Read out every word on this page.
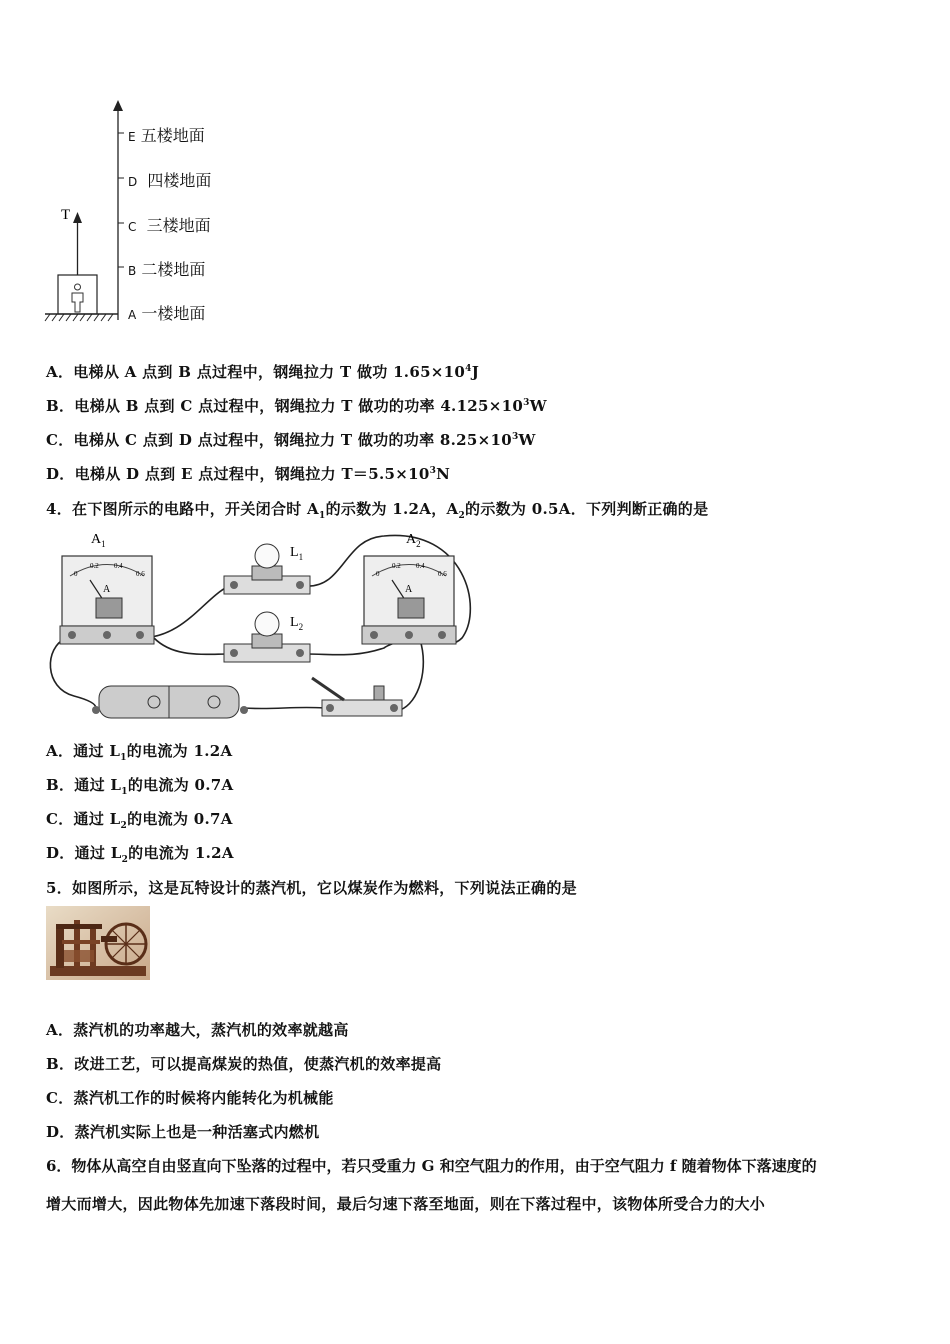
T
E 五楼地面
D 四楼地面
C 三楼地面
B 二楼地面
A 一楼地面
A．电梯从 A 点到 B 点过程中，钢绳拉力 T 做功 $1.65\times 10^4J$
B．电梯从 B 点到 C 点过程中，钢绳拉力 T 做功的功率 $4.125\times 10^3W$
C．电梯从 C 点到 D 点过程中，钢绳拉力 T 做功的功率 $8.25\times 10^3W$
D．电梯从 D 点到 E 点过程中，钢绳拉力 $T=5.5\times 10^3N$
4．在下图所示的电路中，开关闭合时 $A_1$的示数为 1.2A，$A_2$的示数为 0.5A．下列判断正确的是
$A_1$
A
0
0.2 0.4
0.6
$A_2$
A
0
0.2 0.4
0.6
$L_1$
$L_2$
A．通过 $L_1$的电流为 1.2A
B．通过 $L_1$的电流为 0.7A
C．通过 $L_2$的电流为 0.7A
D．通过 $L_2$的电流为 1.2A
5．如图所示，这是瓦特设计的蒸汽机，它以煤炭作为燃料，下列说法正确的是
A．蒸汽机的功率越大，蒸汽机的效率就越高
B．改进工艺，可以提高煤炭的热值，使蒸汽机的效率提高
C．蒸汽机工作的时候将内能转化为机械能
D．蒸汽机实际上也是一种活塞式内燃机
6．物体从高空自由竖直向下坠落的过程中，若只受重力 G 和空气阻力的作用，由于空气阻力 f 随着物体下落速度的
增大而增大，因此物体先加速下落段时间，最后匀速下落至地面，则在下落过程中，该物体所受合力的大小
